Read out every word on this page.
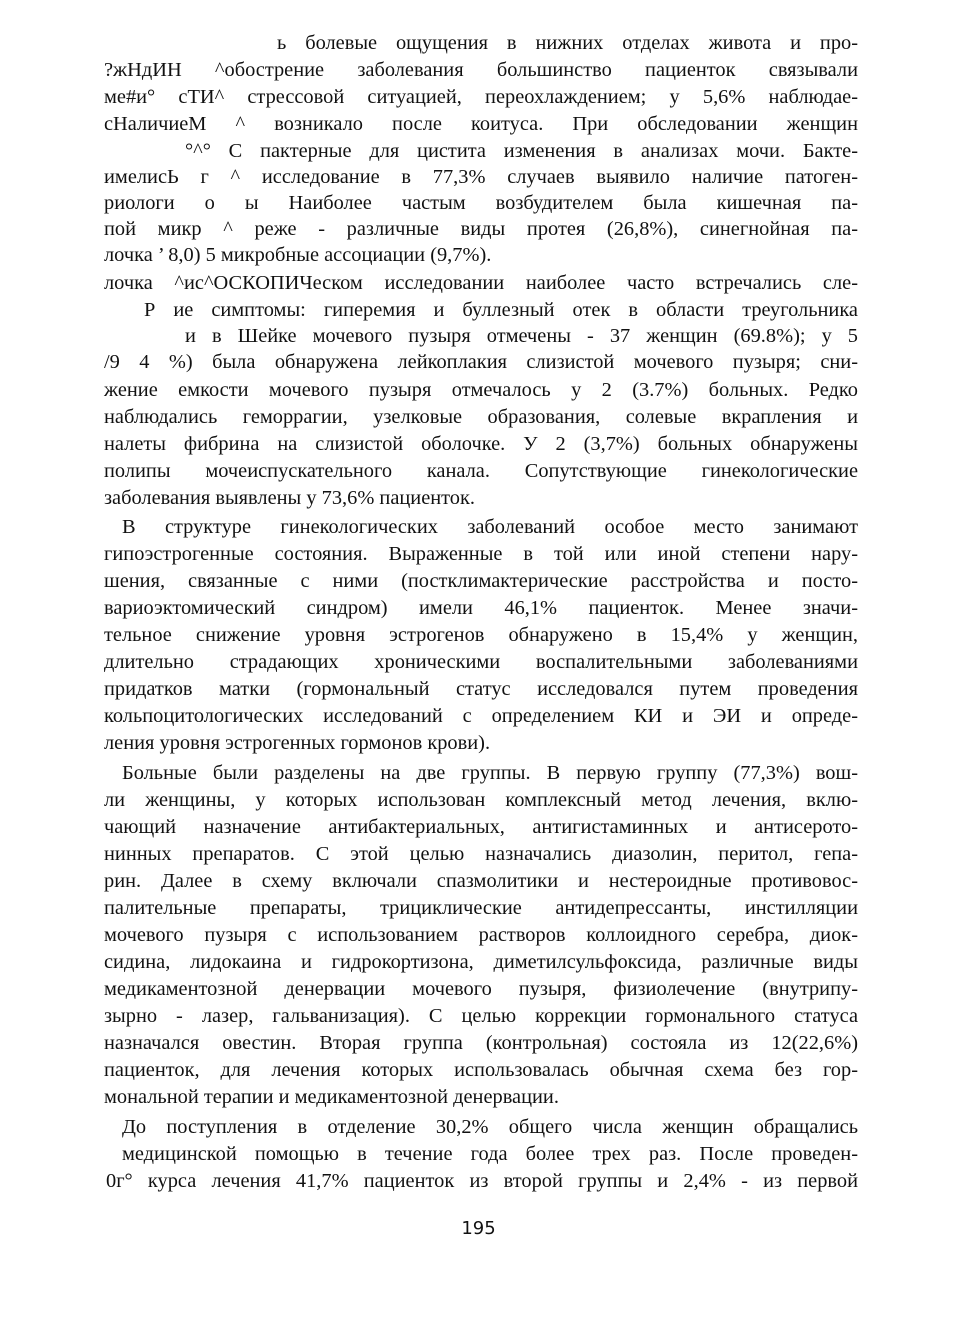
ь болевые ощущения в нижних отделах живота и про-
?жНдИН ^обострение заболевания большинство пациенток связывали
ме#и° сТИ^ стрессовой ситуацией, переохлаждением; у 5,6% наблюдае-
сНаличиеМ ^ возникало после коитуса. При обследовании женщин
°^° С пактерные для цистита изменения в анализах мочи. Бакте-
имелисЬ г ^ исследование в 77,3% случаев выявило наличие патоген-
риологи о ы Наиболее частым возбудителем была кишечная па-
пой микр ^ реже - различные виды протея (26,8%), синегнойная па-
лочка ’ 8,0) 5 микробные ассоциации (9,7%).
лочка ^ис^ОСКОПИЧеском исследовании наиболее часто встречались сле-
Р ие симптомы: гиперемия и буллезный отек в области треугольника
и в Шейке мочевого пузыря отмечены - 37 женщин (69.8%); у 5
/9 4 %) была обнаружена лейкоплакия слизистой мочевого пузыря; сни-
жение емкости мочевого пузыря отмечалось у 2 (3.7%) больных. Редко
наблюдались геморрагии, узелковые образования, солевые вкрапления и
налеты фибрина на слизистой оболочке. У 2 (3,7%) больных обнаружены
полипы мочеиспускательного канала. Сопутствующие гинекологические
заболевания выявлены у 73,6% пациенток.
В структуре гинекологических заболеваний особое место занимают
гипоэстрогенные состояния. Выраженные в той или иной степени нару-
шения, связанные с ними (постклимактерические расстройства и посто-
вариоэктомический синдром) имели 46,1% пациенток. Менее значи-
тельное снижение уровня эстрогенов обнаружено в 15,4% у женщин,
длительно страдающих хроническими воспалительными заболеваниями
придатков матки (гормональный статус исследовался путем проведения
кольпоцитологических исследований с определением КИ и ЭИ и опреде-
ления уровня эстрогенных гормонов крови).
Больные были разделены на две группы. В первую группу (77,3%) вош-
ли женщины, у которых использован комплексный метод лечения, вклю-
чающий назначение антибактериальных, антигистаминных и антисерото-
нинных препаратов. С этой целью назначались диазолин, перитол, гепа-
рин. Далее в схему включали спазмолитики и нестероидные противовос-
палительные препараты, трициклические антидепрессанты, инстилляции
мочевого пузыря с использованием растворов коллоидного серебра, диок-
сидина, лидокаина и гидрокортизона, диметилсульфоксида, различные виды
медикаментозной денервации мочевого пузыря, физиолечение (внутрипу-
зырно - лазер, гальванизация). С целью коррекции гормонального статуса
назначался овестин. Вторая группа (контрольная) состояла из 12(22,6%)
пациенток, для лечения которых использовалась обычная схема без гор-
мональной терапии и медикаментозной денервации.
До поступления в отделение 30,2% общего числа женщин обращались
медицинской помощью в течение года более трех раз. После проведен-
0г° курса лечения 41,7% пациенток из второй группы и 2,4% - из первой
195
